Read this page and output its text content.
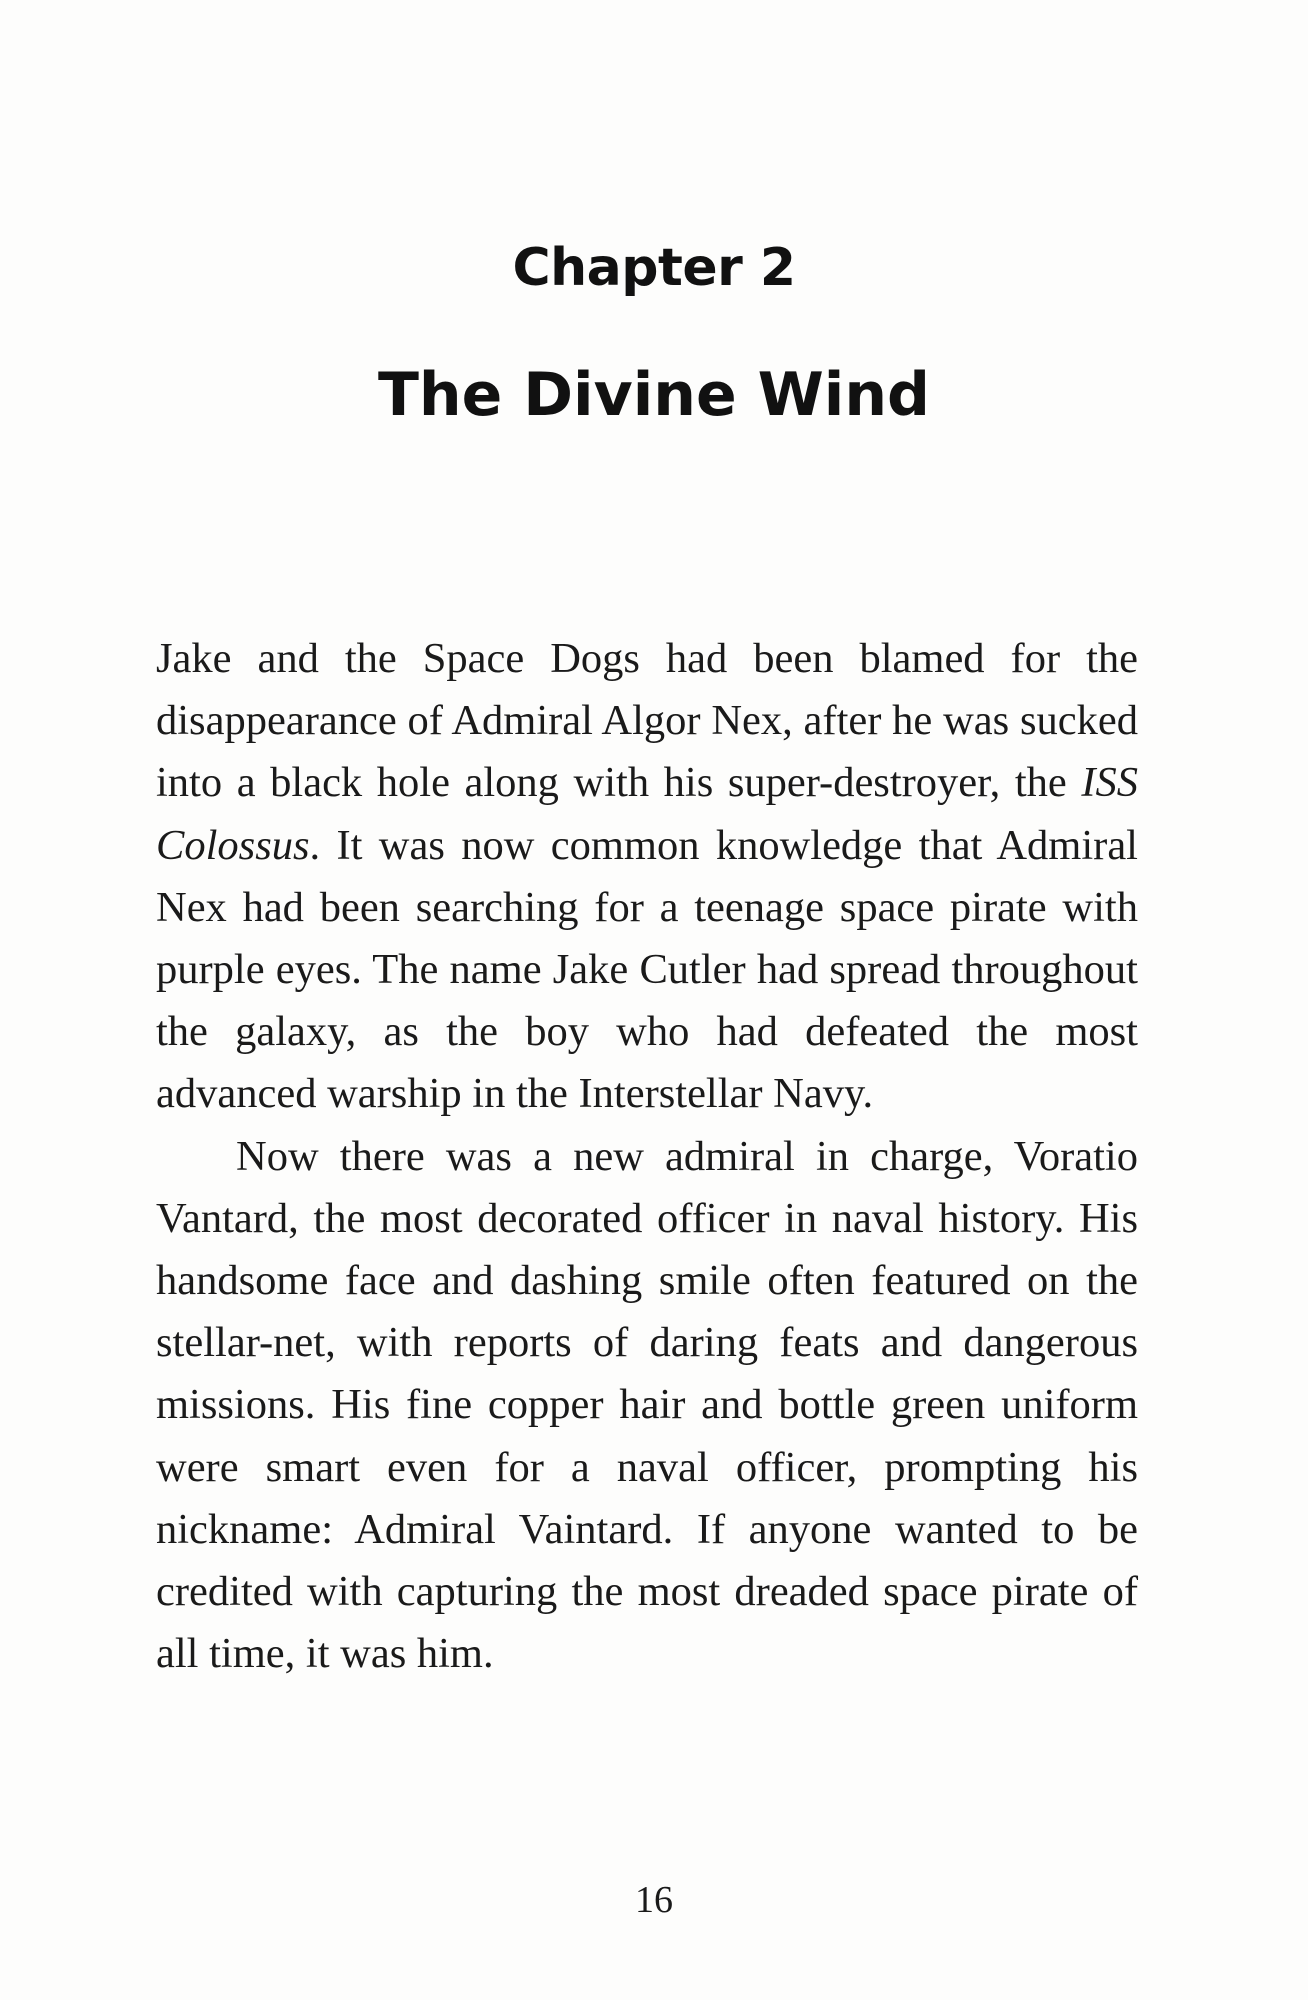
Chapter 2
The Divine Wind

Jake and the Space Dogs had been blamed for the disappearance of Admiral Algor Nex, after he was sucked into a black hole along with his super-destroyer, the ISS Colossus. It was now common knowledge that Admiral Nex had been searching for a teenage space pirate with purple eyes. The name Jake Cutler had spread throughout the galaxy, as the boy who had defeated the most advanced warship in the Interstellar Navy.

Now there was a new admiral in charge, Voratio Vantard, the most decorated officer in naval history. His handsome face and dashing smile often featured on the stellar-net, with reports of daring feats and dangerous missions. His fine copper hair and bottle green uniform were smart even for a naval officer, prompting his nickname: Admiral Vaintard. If anyone wanted to be credited with capturing the most dreaded space pirate of all time, it was him.

16
